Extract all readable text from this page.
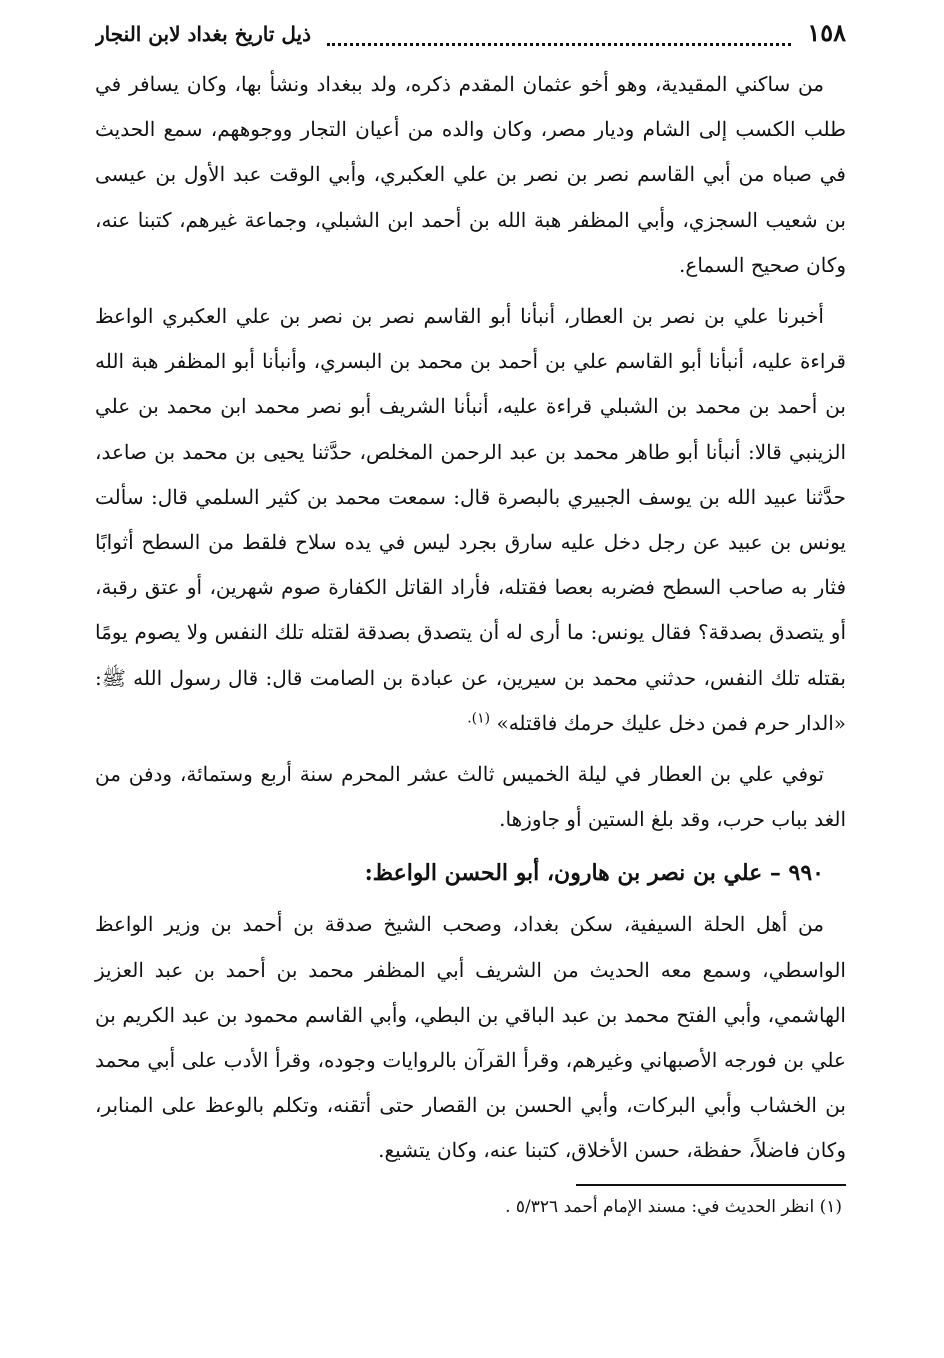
١٥٨
ذيل تاريخ بغداد لابن النجار

من ساكني المقيدية، وهو أخو عثمان المقدم ذكره، ولد ببغداد ونشأ بها، وكان يسافر في طلب الكسب إلى الشام وديار مصر، وكان والده من أعيان التجار ووجوههم، سمع الحديث في صباه من أبي القاسم نصر بن نصر بن علي العكبري، وأبي الوقت عبد الأول بن عيسى بن شعيب السجزي، وأبي المظفر هبة الله بن أحمد ابن الشبلي، وجماعة غيرهم، كتبنا عنه، وكان صحيح السماع.

أخبرنا علي بن نصر بن العطار، أنبأنا أبو القاسم نصر بن نصر بن علي العكبري الواعظ قراءة عليه، أنبأنا أبو القاسم علي بن أحمد بن محمد بن البسري، وأنبأنا أبو المظفر هبة الله بن أحمد بن محمد بن الشبلي قراءة عليه، أنبأنا الشريف أبو نصر محمد ابن محمد بن علي الزينبي قالا: أنبأنا أبو طاهر محمد بن عبد الرحمن المخلص، حدَّثنا يحيى بن محمد بن صاعد، حدَّثنا عبيد الله بن يوسف الجبيري بالبصرة قال: سمعت محمد بن كثير السلمي قال: سألت يونس بن عبيد عن رجل دخل عليه سارق بجرد ليس في يده سلاح فلقط من السطح أثوابًا فثار به صاحب السطح فضربه بعصا فقتله، فأراد القاتل الكفارة صوم شهرين، أو عتق رقبة، أو يتصدق بصدقة؟ فقال يونس: ما أرى له أن يتصدق بصدقة لقتله تلك النفس ولا يصوم يومًا بقتله تلك النفس، حدثني محمد بن سيرين، عن عبادة بن الصامت قال: قال رسول الله ﷺ: «الدار حرم فمن دخل عليك حرمك فاقتله» $^{(١).}$

توفي علي بن العطار في ليلة الخميس ثالث عشر المحرم سنة أربع وستمائة، ودفن من الغد بباب حرب، وقد بلغ الستين أو جاوزها.

٩٩٠ – علي بن نصر بن هارون، أبو الحسن الواعظ:

من أهل الحلة السيفية، سكن بغداد، وصحب الشيخ صدقة بن أحمد بن وزير الواعظ الواسطي، وسمع معه الحديث من الشريف أبي المظفر محمد بن أحمد بن عبد العزيز الهاشمي، وأبي الفتح محمد بن عبد الباقي بن البطي، وأبي القاسم محمود بن عبد الكريم بن علي بن فورجه الأصبهاني وغيرهم، وقرأ القرآن بالروايات وجوده، وقرأ الأدب على أبي محمد بن الخشاب وأبي البركات، وأبي الحسن بن القصار حتى أتقنه، وتكلم بالوعظ على المنابر، وكان فاضلاً، حفظة، حسن الأخلاق، كتبنا عنه، وكان يتشيع.

(١) انظر الحديث في: مسند الإمام أحمد ٥/٣٢٦ .
